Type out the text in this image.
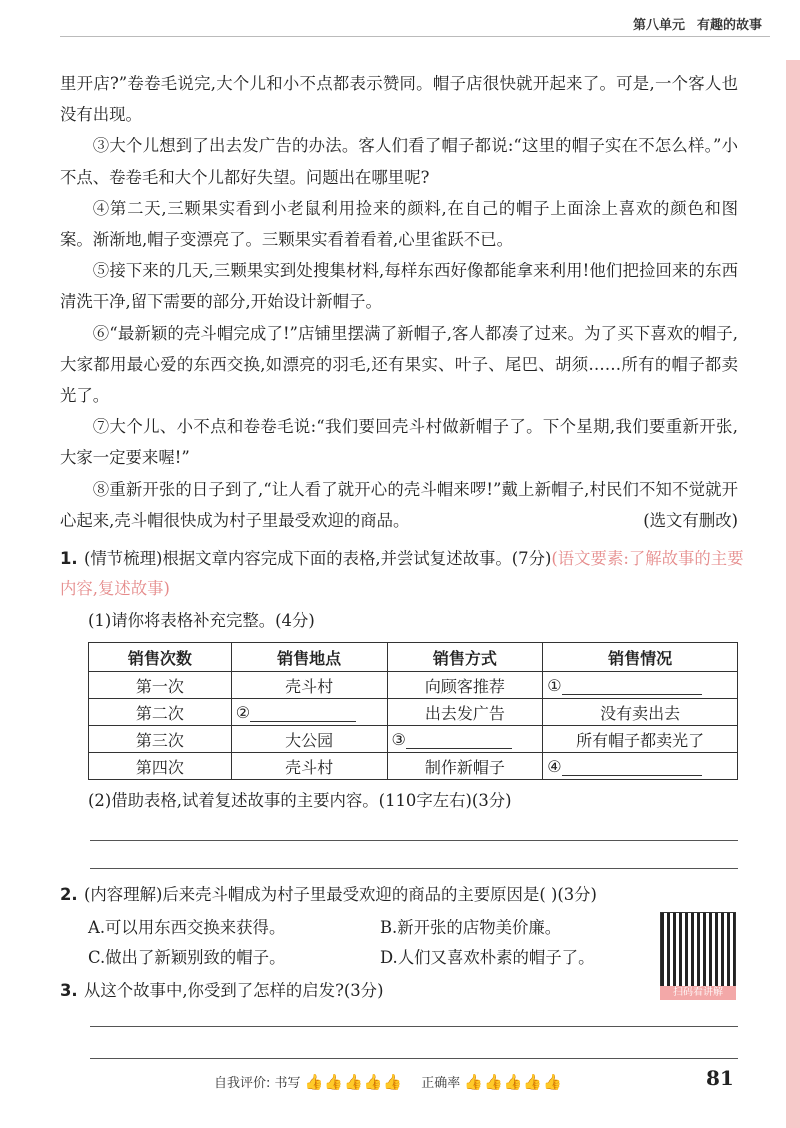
第八单元 有趣的故事

里开店?”卷卷毛说完,大个儿和小不点都表示赞同。帽子店很快就开起来了。可是,一个客人也没有出现。

③大个儿想到了出去发广告的办法。客人们看了帽子都说:“这里的帽子实在不怎么样。”小不点、卷卷毛和大个儿都好失望。问题出在哪里呢?

④第二天,三颗果实看到小老鼠利用捡来的颜料,在自己的帽子上面涂上喜欢的颜色和图案。渐渐地,帽子变漂亮了。三颗果实看着看着,心里雀跃不已。

⑤接下来的几天,三颗果实到处搜集材料,每样东西好像都能拿来利用!他们把捡回来的东西清洗干净,留下需要的部分,开始设计新帽子。

⑥“最新颖的壳斗帽完成了!”店铺里摆满了新帽子,客人都凑了过来。为了买下喜欢的帽子,大家都用最心爱的东西交换,如漂亮的羽毛,还有果实、叶子、尾巴、胡须……所有的帽子都卖光了。

⑦大个儿、小不点和卷卷毛说:“我们要回壳斗村做新帽子了。下个星期,我们要重新开张,大家一定要来喔!”

⑧重新开张的日子到了,“让人看了就开心的壳斗帽来啰!”戴上新帽子,村民们不知不觉就开心起来,壳斗帽很快成为村子里最受欢迎的商品。	(选文有删改)

1. (情节梳理)根据文章内容完成下面的表格,并尝试复述故事。(7分)(语文要素:了解故事的主要内容,复述故事)
(1)请你将表格补充完整。(4分)
销售次数	销售地点	销售方式	销售情况
第一次	壳斗村	向顾客推荐	①
第二次	②	出去发广告	没有卖出去
第三次	大公园	③	所有帽子都卖光了
第四次	壳斗村	制作新帽子	④
(2)借助表格,试着复述故事的主要内容。(110字左右)(3分)
2. (内容理解)后来壳斗帽成为村子里最受欢迎的商品的主要原因是( )(3分)
A.可以用东西交换来获得。	B.新开张的店物美价廉。
C.做出了新颖别致的帽子。	D.人们又喜欢朴素的帽子了。
扫码看讲解
3. 从这个故事中,你受到了怎样的启发?(3分)
自我评价: 书写 👍👍👍👍👍 正确率 👍👍👍👍👍	81
